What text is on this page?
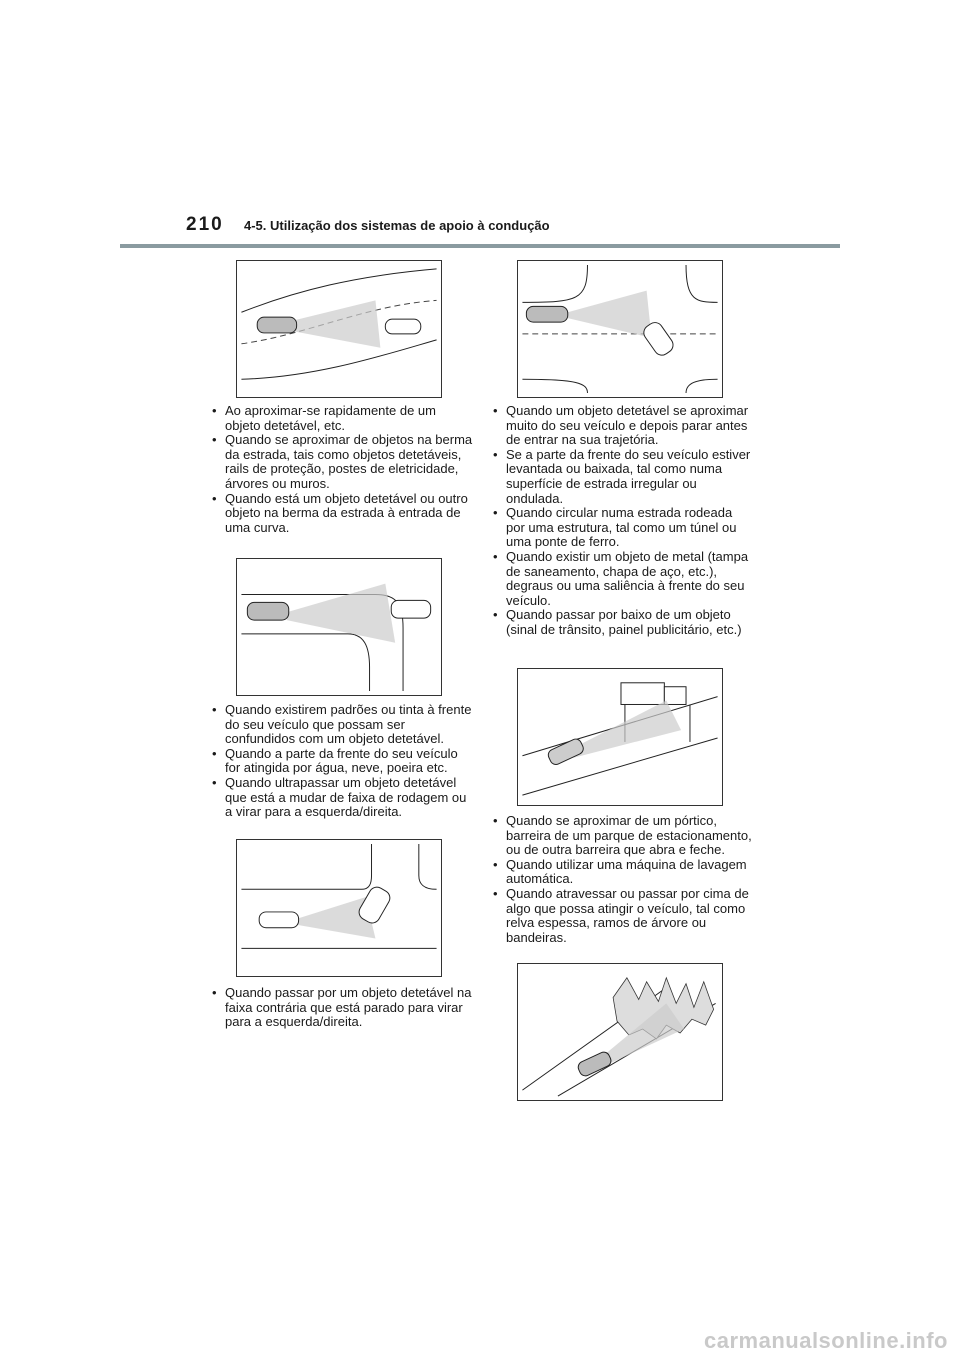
210 4-5. Utilização dos sistemas de apoio à condução
• Ao aproximar-se rapidamente de um objeto detetável, etc.
• Quando se aproximar de objetos na berma da estrada, tais como objetos detetáveis, rails de proteção, postes de eletricidade, árvores ou muros.
• Quando está um objeto detetável ou outro objeto na berma da estrada à entrada de uma curva.
• Quando existirem padrões ou tinta à frente do seu veículo que possam ser confundidos com um objeto detetável.
• Quando a parte da frente do seu veículo for atingida por água, neve, poeira etc.
• Quando ultrapassar um objeto detetável que está a mudar de faixa de rodagem ou a virar para a esquerda/direita.
• Quando passar por um objeto detetável na faixa contrária que está parado para virar para a esquerda/direita.
• Quando um objeto detetável se aproximar muito do seu veículo e depois parar antes de entrar na sua trajetória.
• Se a parte da frente do seu veículo estiver levantada ou baixada, tal como numa superfície de estrada irregular ou ondulada.
• Quando circular numa estrada rodeada por uma estrutura, tal como um túnel ou uma ponte de ferro.
• Quando existir um objeto de metal (tampa de saneamento, chapa de aço, etc.), degraus ou uma saliência à frente do seu veículo.
• Quando passar por baixo de um objeto (sinal de trânsito, painel publicitário, etc.)
• Quando se aproximar de um pórtico, barreira de um parque de estacionamento, ou de outra barreira que abra e feche.
• Quando utilizar uma máquina de lavagem automática.
• Quando atravessar ou passar por cima de algo que possa atingir o veículo, tal como relva espessa, ramos de árvore ou bandeiras.
carmanualsonline.info
